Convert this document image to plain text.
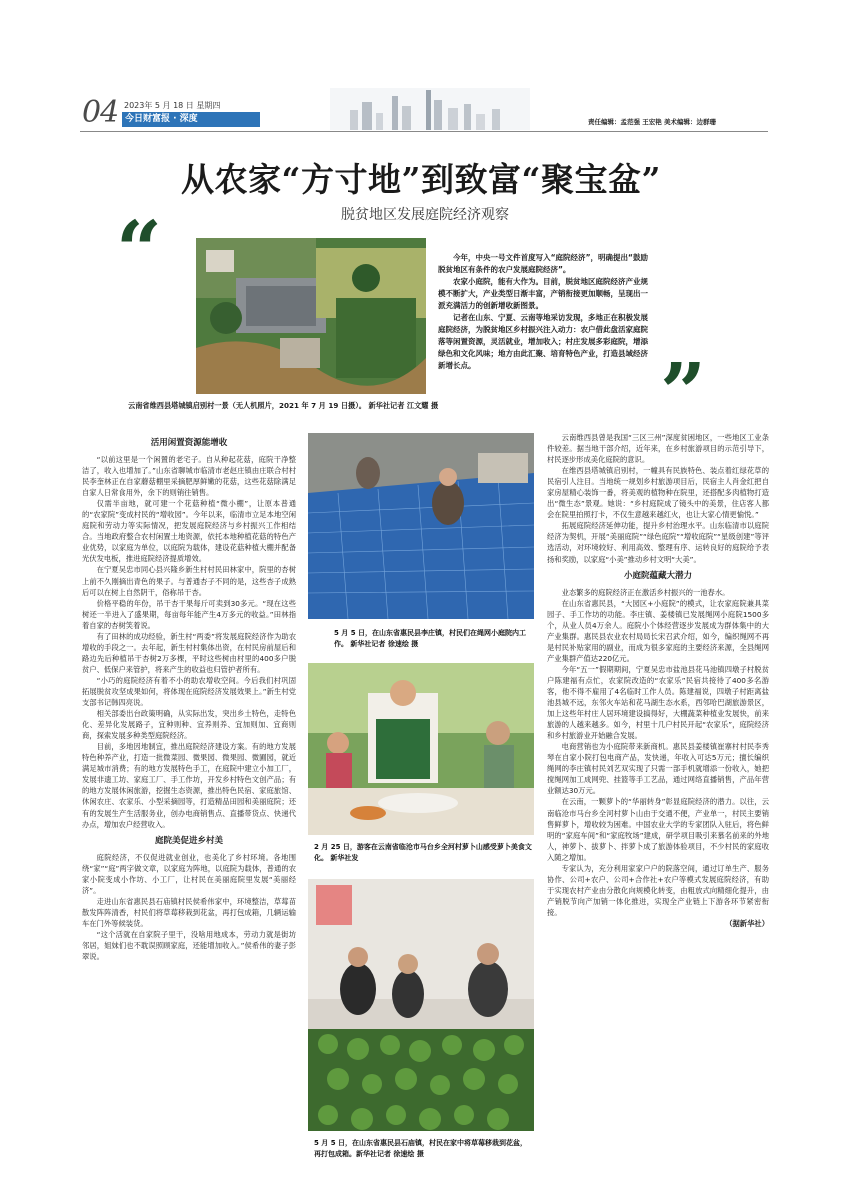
04 2023年 5 月 18 日 星期四
今日财富报 · 深度	责任编辑：孟范强 王宏艳 美术编辑：边群珊
从农家“方寸地”到致富“聚宝盆”
脱贫地区发展庭院经济观察
“
”
云南省维西县塔城镇启别村一景（无人机照片，2021 年 7 月 19 日摄）。 新华社记者 江文耀 摄

今年，中央一号文件首度写入“庭院经济”，明确提出“鼓励脱贫地区有条件的农户发展庭院经济”。

农家小庭院，能有大作为。目前，脱贫地区庭院经济产业规模不断扩大，产业类型日渐丰富，产销衔接更加顺畅，呈现出一派充满活力的创新增收新图景。

记者在山东、宁夏、云南等地采访发现，多地正在积极发展庭院经济，为脱贫地区乡村振兴注入动力：农户借此盘活家庭院落等闲置资源，灵活就业，增加收入；村庄发展多彩庭院，增添绿色和文化风味；地方由此汇聚、培育特色产业，打造县域经济新增长点。

活用闲置资源能增收

“以前这里是一个闲置的老宅子。自从种起花菇，庭院干净整洁了，收入也增加了。”山东省聊城市临清市老赵庄镇由庄联合村村民李奎林正在自家蘑菇棚里采摘肥厚鲜嫩的花菇，这些花菇除满足自家人日常食用外，余下的则销往销售。

仅需半亩地，就可建一个花菇种植“微小棚”，让原本普通的“农家院”变成村民的“增收园”。今年以来，临清市立足本地空闲庭院和劳动力等实际情况，把发展庭院经济与乡村振兴工作相结合。当地政府整合农村闲置土地资源，依托本地种植花菇的特色产业优势，以家庭为单位，以庭院为载体，建设花菇种植大棚并配备光伏发电板，推进庭院经济提质增效。

在宁夏吴忠市同心县兴隆乡新生村村民田林家中，院里的杏树上前不久刚摘出青色的果子。与普通杏子不同的是，这些杏子成熟后可以在树上自然阴干，俗称吊干杏。

价格平稳的年份，吊干杏干果每斤可卖到30多元。“现在这些树还一半进入了盛果期，每亩每年能产生4万多元的收益。”田林指着自家的杏树笑着说。

有了田林的成功经验，新生村“两委”将发展庭院经济作为助农增收的手段之一。去年起，新生村村集体出资，在村民房前屋后和路边先后种植吊干杏树2万多棵，平时这些树由村里的400多户脱贫户、低保户来管护，将来产生的收益也归管护者所有。

“小巧的庭院经济有着不小的助农增收空间。今后我们村巩固拓展脱贫攻坚成果如何，将体现在庭院经济发展效果上。”新生村党支部书记韩四亮说。

相关部委出台政策明确，从实际出发，突出乡土特色，走特色化、差异化发展路子，宜种则种、宜养则养、宜加则加、宜商则商，探索发展多种类型庭院经济。

目前，多地因地制宜，推出庭院经济建设方案。有的地方发展特色种养产业，打造一批微菜园、微果园、微果园、微圃园，就近满足城市消费；有的地方发展特色手工，在庭院中建立小加工厂，发展非遗工坊、家庭工厂、手工作坊，开发乡村特色文创产品；有的地方发展休闲旅游，挖掘生态资源，推出特色民宿、家庭旅馆、休闲农庄、农家乐、小型采摘园等，打造精品田园和美丽庭院；还有的发展生产生活服务业，创办电商销售点、直播带货点、快递代办点，增加农户经营收入。

庭院美促进乡村美

庭院经济，不仅促进就业创业，也美化了乡村环境。各地围绕“家”“庭”两字做文章，以家庭为阵地，以庭院为载体，普通的农家小院变成小作坊、小工厂，让村民在美丽庭院里发展“美丽经济”。

走进山东省惠民县石庙镇村民侯希伟家中，环境整洁，草莓苗散发阵阵清香，村民们将草莓移栽到花盆，再打包成箱，几辆运输车在门外等候装货。

“这个活就在自家院子里干，没啥用地成本，劳动力就是街坊邻居，姐妹们也不耽误照顾家庭，还能增加收入。”侯希伟的妻子彭翠说。

5 月 5 日，在山东省惠民县李庄镇，村民们在绳网小庭院内工作。 新华社记者 徐速绘 摄
2 月 25 日，游客在云南省临沧市马台乡全河村萝卜山感受萝卜美食文化。 新华社发
5 月 5 日，在山东省惠民县石庙镇，村民在家中将草莓移栽到花盆，再打包成箱。新华社记者 徐速绘 摄

云南维西县曾是我国“三区三州”深度贫困地区，一些地区工业条件较差。据当地干部介绍，近年来，在乡村旅游项目的示范引导下，村民逐步形成美化庭院的意识。

在维西县塔城镇启别村，一幢具有民族特色、装点着红绿花草的民宿引人注目。当地统一规划乡村旅游项目后，民宿主人肖金红把自家房屋精心装饰一番，将美观的植物种在院里，还搭配多肉植物打造出“微生态”景观。她说：“乡村庭院成了镜头中的美景，住店客人都会在院里拍照打卡，不仅生意越来越红火，也让大家心情更愉悦。”

拓展庭院经济延伸功能，提升乡村治理水平。山东临清市以庭院经济为契机，开展“美丽庭院”“绿色庭院”“增收庭院”“星级创建”等评选活动，对环境较好、利用高效、整理有序、运转良好的庭院给予表扬和奖励，以家庭“小美”推动乡村文明“大美”。

小庭院蕴藏大潜力

业态繁多的庭院经济正在激活乡村振兴的一池春水。

在山东省惠民县，“大园区+小庭院”的模式，让农家庭院兼具菜园子、手工作坊的功能。李庄镇、姜楼镇已发展绳网小庭院1500多个，从业人员4万余人。庭院小个体经营逐步发展成为群体集中的大产业集群。惠民县农业农村局局长宋召武介绍，如今，编织绳网不再是村民补贴家用的副业，而成为很多家庭的主要经济来源，全县绳网产业集群产值达220亿元。

今年“五一”假期期间，宁夏吴忠市盐池县花马池镇四墩子村脱贫户陈建福有点忙，农家院改造的“农家乐”民宿共接待了400多名游客，他不得不雇用了4名临时工作人员。陈建福说，四墩子村距离盐池县城不远，东邻火车站和花马湖生态水系，西邻哈巴湖旅游景区，加上这些年村庄人居环境建设搞得好，大棚蔬菜种植业发展快，前来旅游的人越来越多。如今，村里十几户村民开起“农家乐”，庭院经济和乡村旅游业开始融合发展。

电商营销也为小庭院带来新商机。惠民县姜楼镇崔寨村村民李秀琴在自家小院打包电商产品，发快递，年收入可达5万元；擅长编织绳网的李庄镇村民刘艺双实现了只需一部手机就增添一份收入，她把搅绳网加工成网兜、挂篮等手工艺品，通过网络直播销售，产品年营业额达30万元。

在云南，一颗萝卜的“华丽转身”彰显庭院经济的潜力。以往，云南临沧市马台乡全河村萝卜山由于交通不便，产业单一，村民主要销售鲜萝卜，增收较为困难。中国农业大学的专家团队入驻后，将色鲜明的“家庭车间”和“家庭牧场”建成，研学项目吸引来慕名前来的外地人，神萝卜、拔萝卜、拌萝卜成了旅游体验项目，不少村民的家庭收入随之增加。

专家认为，充分利用家家户户的院落空间，通过订单生产、服务协作、公司+农户、公司+合作社+农户等模式发展庭院经济，有助于实现农村产业由分散化向规模化转变，由粗放式向精细化提升，由产销脱节向产加销一体化推进，实现全产业链上下游各环节紧密衔接。

（据新华社）
